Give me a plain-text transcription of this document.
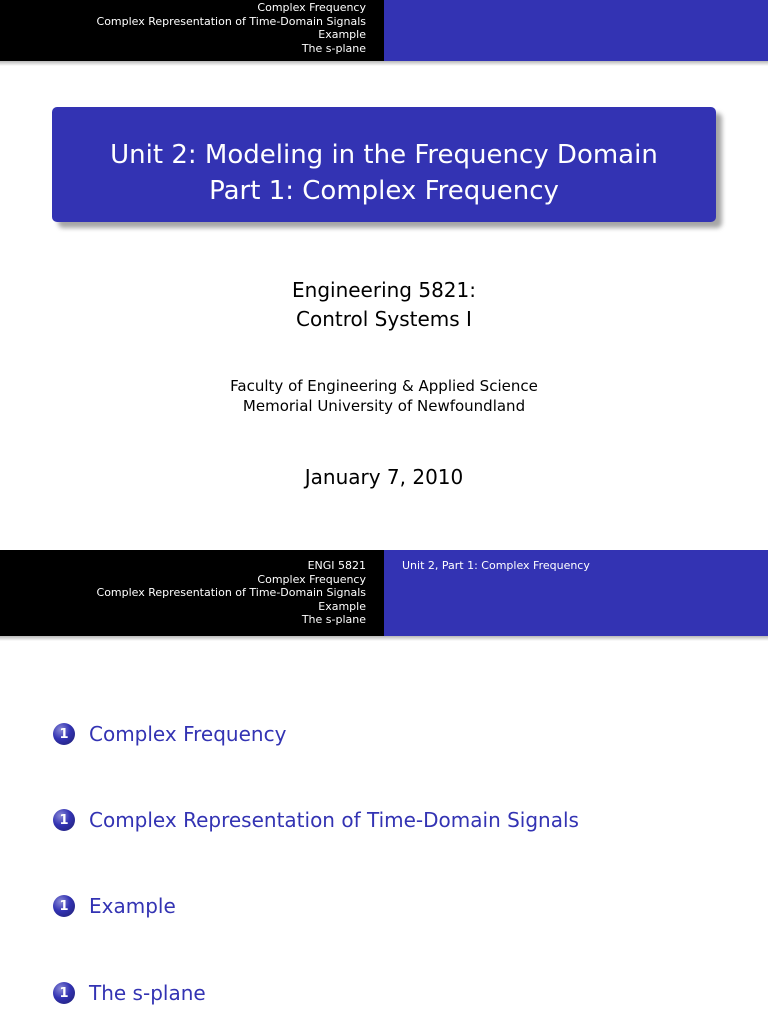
Complex Frequency
Complex Representation of Time-Domain Signals
Example
The s-plane
Unit 2: Modeling in the Frequency Domain
Part 1: Complex Frequency
Engineering 5821:
Control Systems I
Faculty of Engineering & Applied Science
Memorial University of Newfoundland
January 7, 2010
ENGI 5821
Complex Frequency
Complex Representation of Time-Domain Signals
Example
The s-plane
Unit 2, Part 1: Complex Frequency
1	Complex Frequency
1	Complex Representation of Time-Domain Signals
1	Example
1	The s-plane
